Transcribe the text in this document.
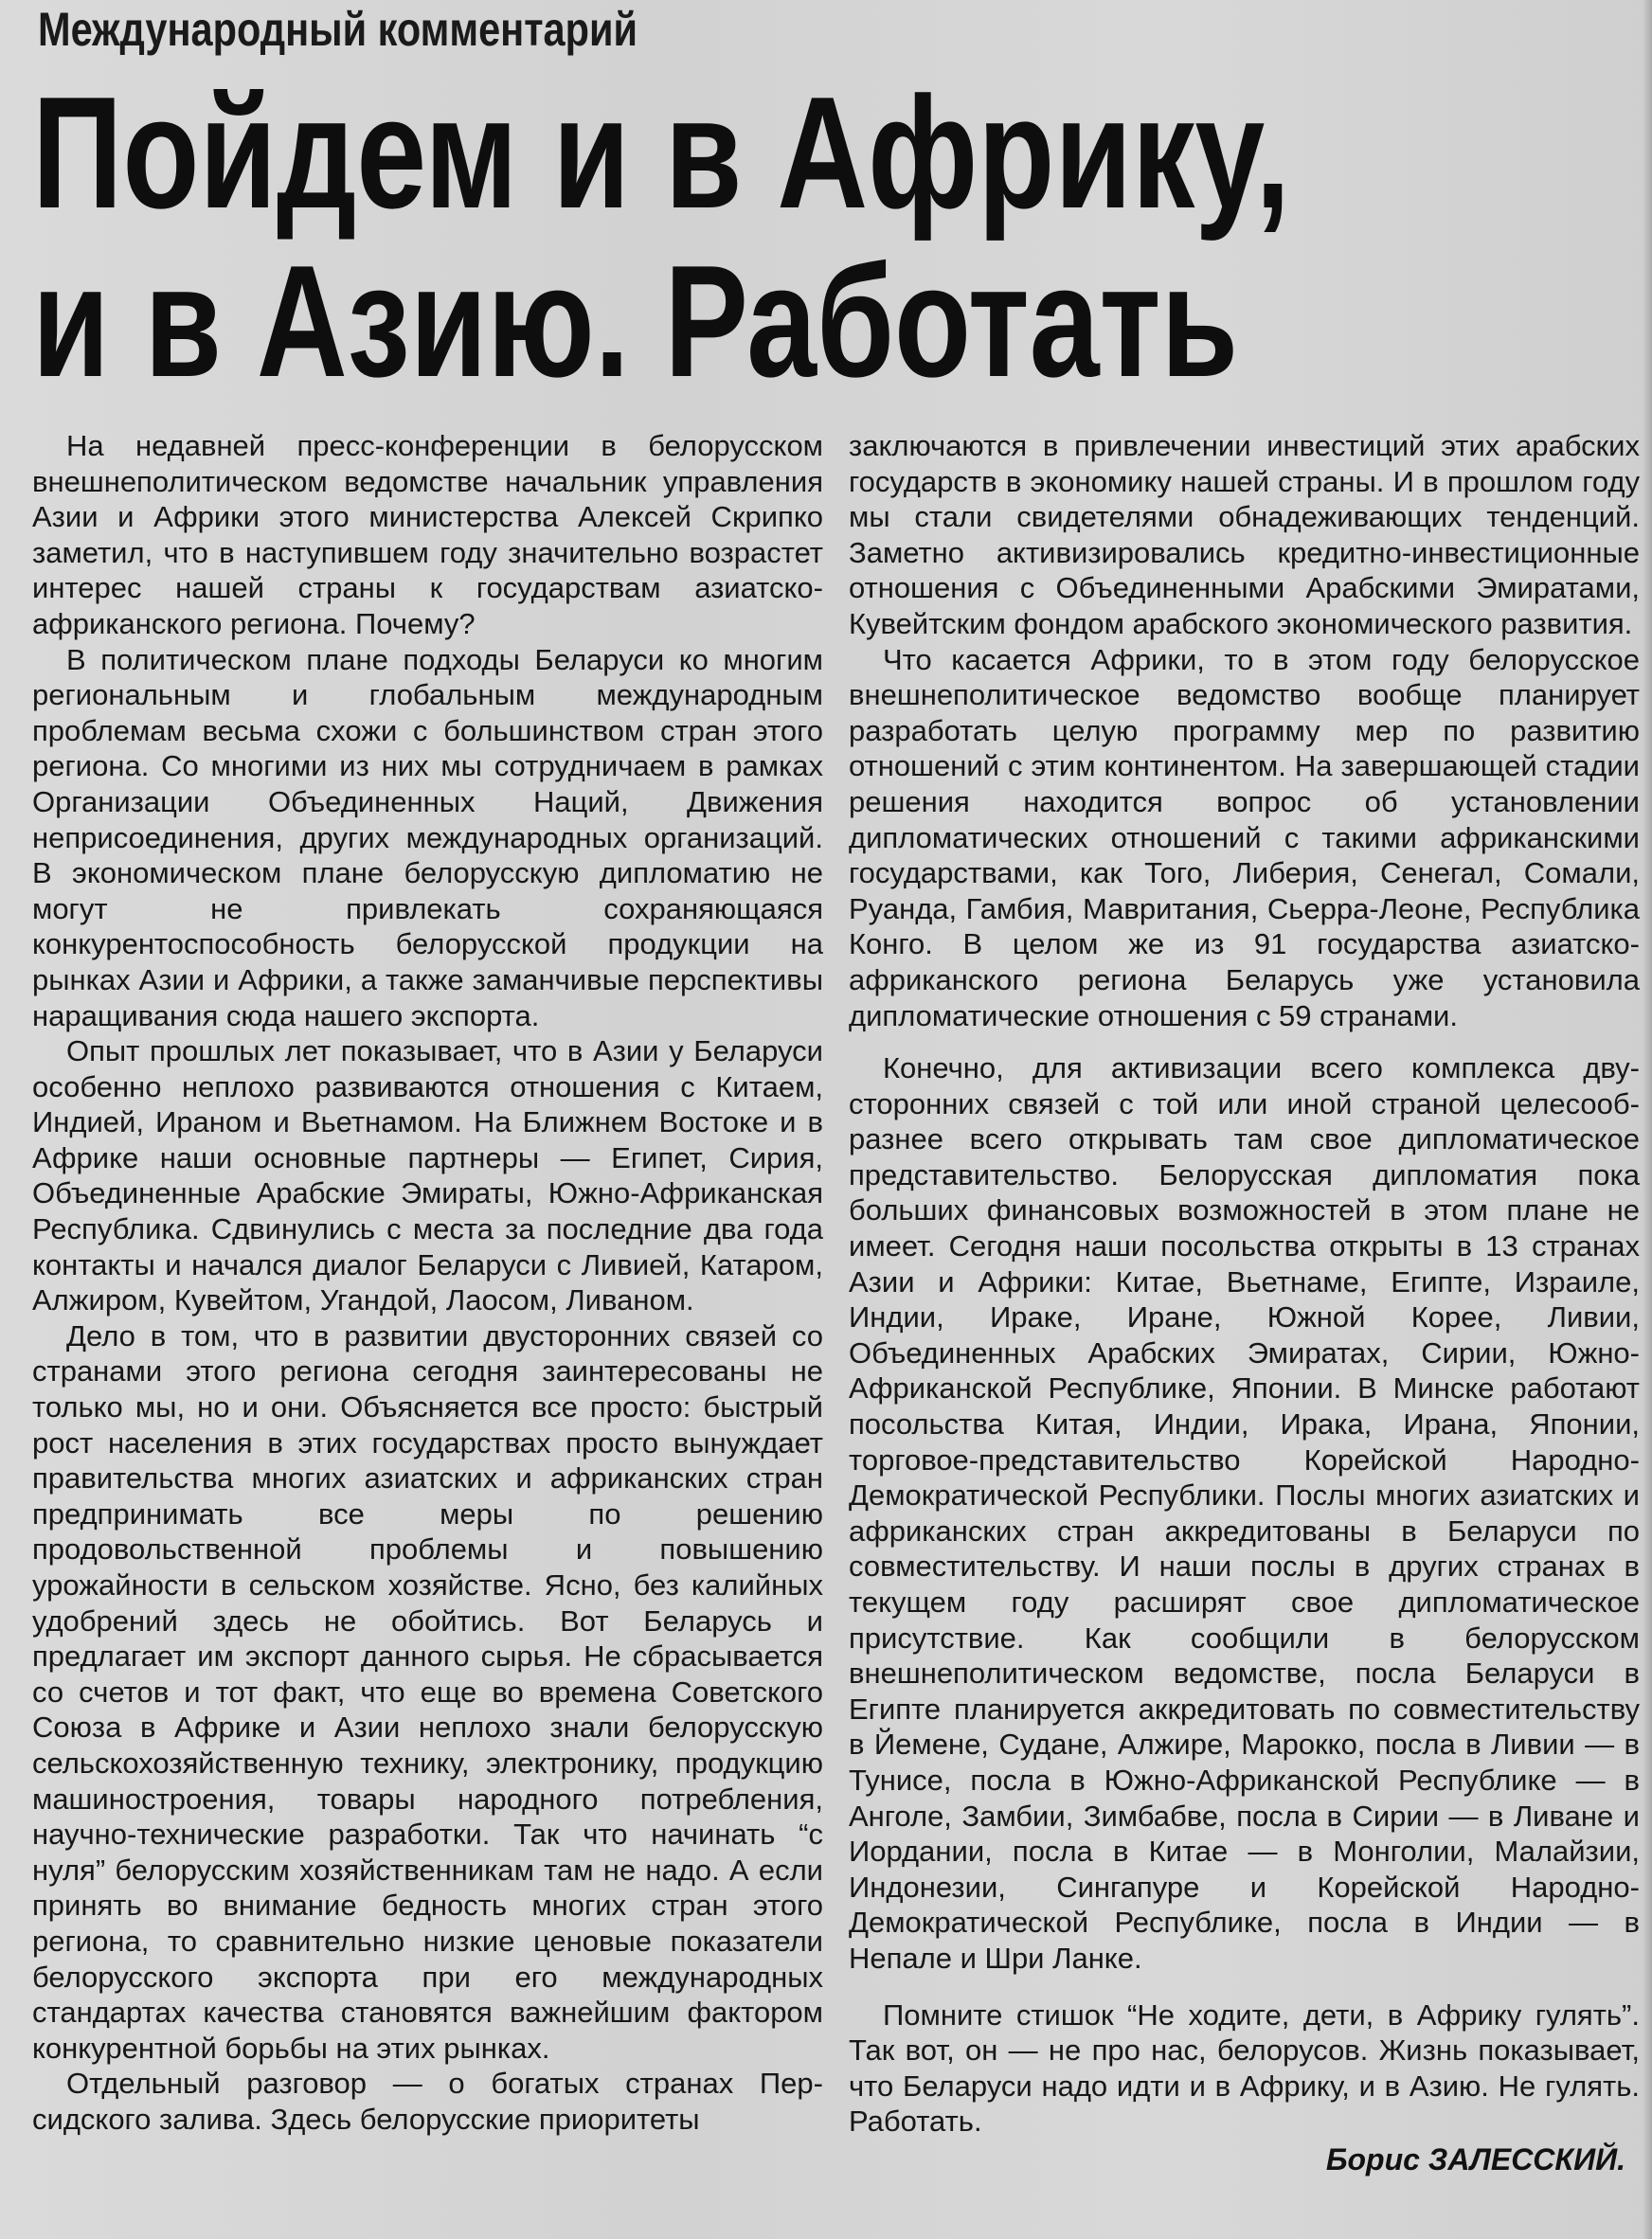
Международный комментарий
Пойдем и в Африку,
и в Азию. Работать

На недавней пресс-конференции в белорусском внешнеполитическом ведомстве начальник управления Азии и Африки этого министерства Алексей Скрипко заметил, что в наступившем году значительно возрастет интерес нашей страны к государствам азиатско-африканского региона. Почему?

В политическом плане подходы Беларуси ко многим региональным и глобальным международным проблемам весьма схожи с большинством стран этого региона. Со многими из них мы сотрудничаем в рамках Организации Объединенных Наций, Движения неприсоединения, других международных организаций. В экономическом плане белорусскую дипломатию не могут не привлекать сохраняющаяся конкурентоспособность белорусской продукции на рынках Азии и Африки, а также заманчивые перспективы наращивания сюда нашего экспорта.

Опыт прошлых лет показывает, что в Азии у Беларуси особенно неплохо развиваются отношения с Китаем, Индией, Ираном и Вьетнамом. На Ближнем Востоке и в Африке наши основные партнеры — Египет, Сирия, Объединенные Арабские Эмираты, Южно-Африканская Республика. Сдвинулись с места за последние два года контакты и начался диалог Беларуси с Ливией, Катаром, Алжиром, Кувейтом, Угандой, Лаосом, Ливаном.

Дело в том, что в развитии двусторонних связей со странами этого региона сегодня заинтересованы не только мы, но и они. Объясняется все просто: быстрый рост населения в этих государствах просто вынуждает правительства многих азиатских и африканских стран предпринимать все меры по решению продовольственной проблемы и повышению урожайности в сельском хозяйстве. Ясно, без калийных удобрений здесь не обойтись. Вот Беларусь и предлагает им экспорт данного сырья. Не сбрасывается со счетов и тот факт, что еще во времена Советского Союза в Африке и Азии неплохо знали белорусскую сельскохозяйственную технику, электронику, продукцию машиностроения, товары народного потребления, научно-технические разработки. Так что начинать “с нуля” белорусским хозяйственникам там не надо. А если принять во внимание бедность многих стран этого региона, то сравнительно низкие ценовые показатели белорусского экспорта при его международных стандартах качества становятся важнейшим фактором конкурентной борьбы на этих рынках.

Отдельный разговор — о богатых странах Персидского залива. Здесь белорусские приоритеты

заключаются в привлечении инвестиций этих арабских государств в экономику нашей страны. И в прошлом году мы стали свидетелями обнадеживающих тенденций. Заметно активизировались кредитно-инвестиционные отношения с Объединенными Арабскими Эмиратами, Кувейтским фондом арабского экономического развития.

Что касается Африки, то в этом году белорусское внешнеполитическое ведомство вообще планирует разработать целую программу мер по развитию отношений с этим континентом. На завершающей стадии решения находится вопрос об установлении дипломатических отношений с такими африканскими государствами, как Того, Либерия, Сенегал, Сомали, Руанда, Гамбия, Мавритания, Сьерра-Леоне, Республика Конго. В целом же из 91 государства азиатско-африканского региона Беларусь уже установила дипломатические отношения с 59 странами.

Конечно, для активизации всего комплекса двусторонних связей с той или иной страной целесообразнее всего открывать там свое дипломатическое представительство. Белорусская дипломатия пока больших финансовых возможностей в этом плане не имеет. Сегодня наши посольства открыты в 13 странах Азии и Африки: Китае, Вьетнаме, Египте, Израиле, Индии, Ираке, Иране, Южной Корее, Ливии, Объединенных Арабских Эмиратах, Сирии, Южно-Африканской Республике, Японии. В Минске работают посольства Китая, Индии, Ирака, Ирана, Японии, торговое-представительство Корейской Народно-Демократической Республики. Послы многих азиатских и африканских стран аккредитованы в Беларуси по совместительству. И наши послы в других странах в текущем году расширят свое дипломатическое присутствие. Как сообщили в белорусском внешнеполитическом ведомстве, посла Беларуси в Египте планируется аккредитовать по совместительству в Йемене, Судане, Алжире, Марокко, посла в Ливии — в Тунисе, посла в Южно-Африканской Республике — в Анголе, Замбии, Зимбабве, посла в Сирии — в Ливане и Иордании, посла в Китае — в Монголии, Малайзии, Индонезии, Сингапуре и Корейской Народно-Демократической Республике, посла в Индии — в Непале и Шри Ланке.

Помните стишок “Не ходите, дети, в Африку гулять”. Так вот, он — не про нас, белорусов. Жизнь показывает, что Беларуси надо идти и в Африку, и в Азию. Не гулять. Работать.

Борис ЗАЛЕССКИЙ.
